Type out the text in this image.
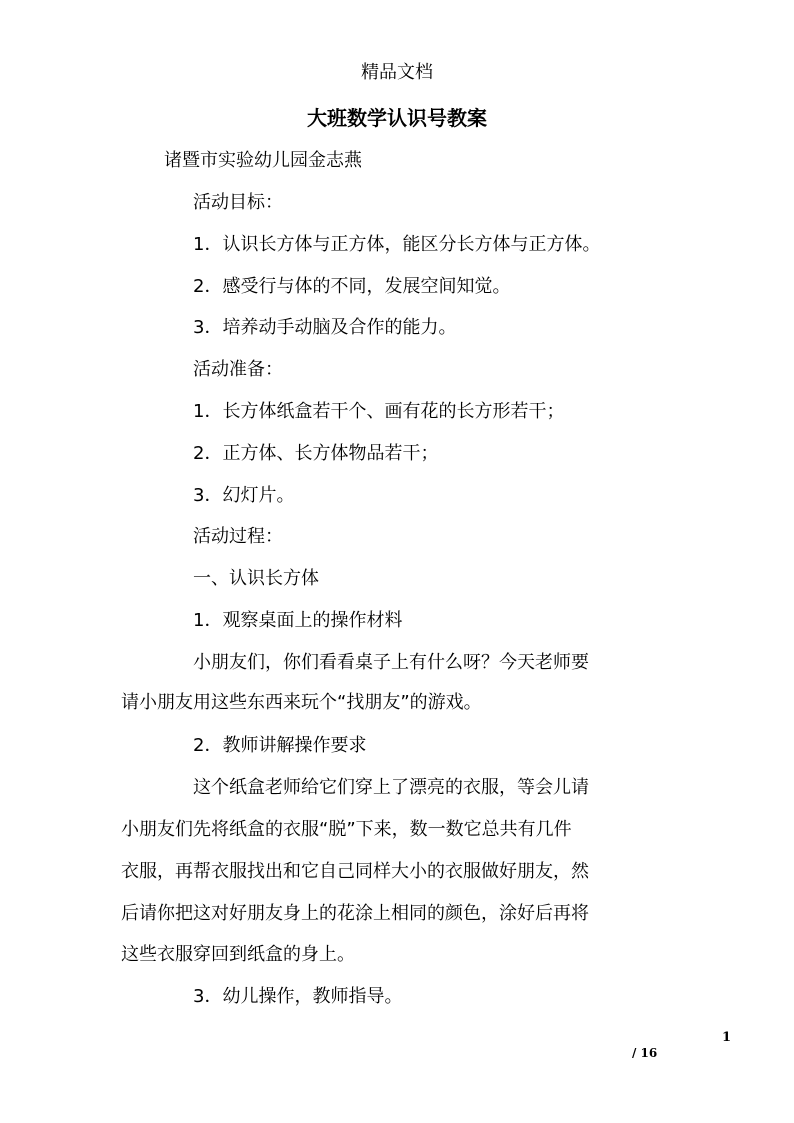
精品文档
大班数学认识号教案
诸暨市实验幼儿园金志燕
活动目标：
1．认识长方体与正方体，能区分长方体与正方体。
2．感受行与体的不同，发展空间知觉。
3．培养动手动脑及合作的能力。
活动准备：
1．长方体纸盒若干个、画有花的长方形若干；
2．正方体、长方体物品若干；
3．幻灯片。
活动过程：
一、认识长方体
1．观察桌面上的操作材料
小朋友们，你们看看桌子上有什么呀？今天老师要
请小朋友用这些东西来玩个“找朋友”的游戏。
2．教师讲解操作要求
这个纸盒老师给它们穿上了漂亮的衣服，等会儿请
小朋友们先将纸盒的衣服“脱”下来，数一数它总共有几件
衣服，再帮衣服找出和它自己同样大小的衣服做好朋友，然
后请你把这对好朋友身上的花涂上相同的颜色，涂好后再将
这些衣服穿回到纸盒的身上。
3．幼儿操作，教师指导。
1
/ 16
